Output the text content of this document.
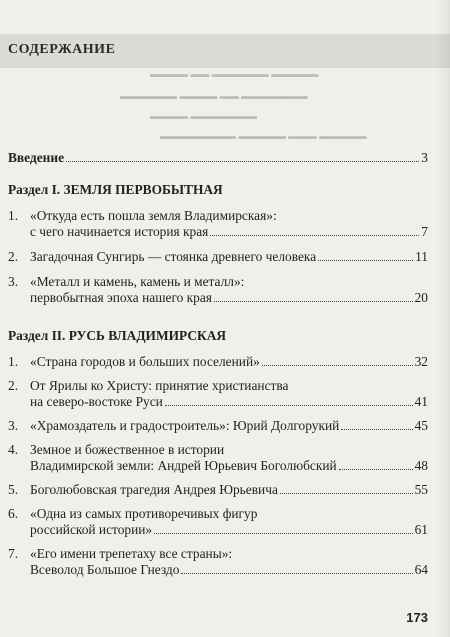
СОДЕРЖАНИЕ
▬▬▬▬ ▬▬ ▬▬▬▬▬▬ ▬▬▬▬▬
▬▬▬▬▬▬ ▬▬▬▬ ▬▬ ▬▬▬▬▬▬▬
▬▬▬▬ ▬▬▬▬▬▬▬
▬▬▬▬▬▬▬▬ ▬▬▬▬▬ ▬▬▬ ▬▬▬▬▬
Введение	3
Раздел I. ЗЕМЛЯ ПЕРВОБЫТНАЯ
1. «Откуда есть пошла земля Владимирская»:
с чего начинается история края	7
2. Загадочная Сунгирь — стоянка древнего человека	11
3. «Металл и камень, камень и металл»:
первобытная эпоха нашего края	20
Раздел II. РУСЬ ВЛАДИМИРСКАЯ
1. «Страна городов и больших поселений»	32
2. От Ярилы ко Христу: принятие христианства
на северо-востоке Руси	41
3. «Храмоздатель и градостроитель»: Юрий Долгорукий	45
4. Земное и божественное в истории
Владимирской земли: Андрей Юрьевич Боголюбский	48
5. Боголюбовская трагедия Андрея Юрьевича	55
6. «Одна из самых противоречивых фигур
российской истории»	61
7. «Его имени трепетаху все страны»:
Всеволод Большое Гнездо	64
173
